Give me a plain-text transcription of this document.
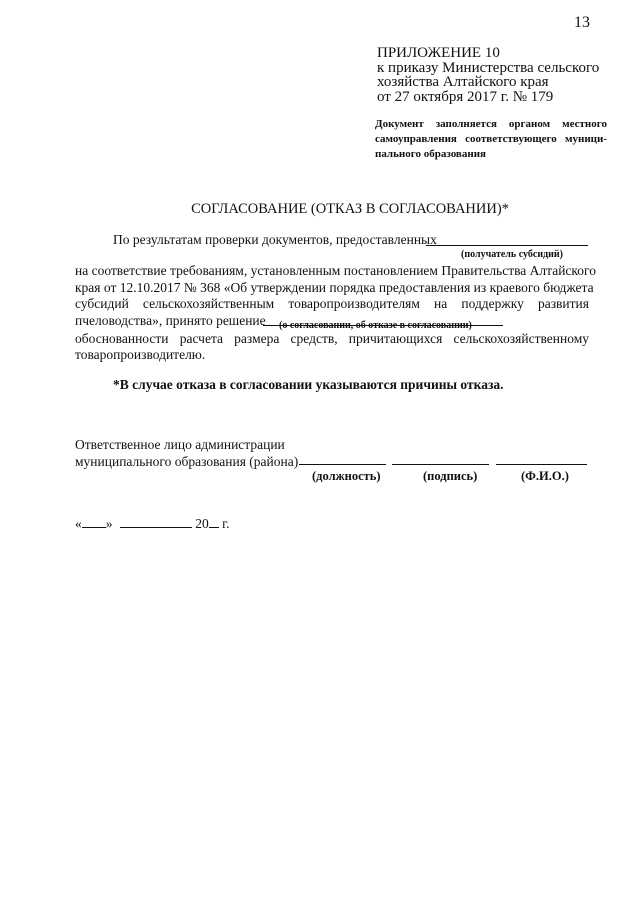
13
ПРИЛОЖЕНИЕ 10
к приказу Министерства сельского
хозяйства Алтайского края
от 27 октября 2017 г. № 179
Документ заполняется органом местного
самоуправления соответствующего муници-
пального образования
СОГЛАСОВАНИЕ (ОТКАЗ В СОГЛАСОВАНИИ)*
По результатам проверки документов, предоставленных
(получатель субсидий)
на соответствие требованиям, установленным постановлением Правительства Алтайского
края от 12.10.2017 № 368 «Об утверждении порядка предоставления из краевого бюджета
субсидий сельскохозяйственным товаропроизводителям на поддержку развития
пчеловодства», принято решение (о согласовании, об отказе в согласовании)
обоснованности расчета размера средств, причитающихся сельскохозяйственному
товаропроизводителю.
*В случае отказа в согласовании указываются причины отказа.
Ответственное лицо администрации
муниципального образования (района)
(должность)	(подпись)	(Ф.И.О.)
« »	20 г.
